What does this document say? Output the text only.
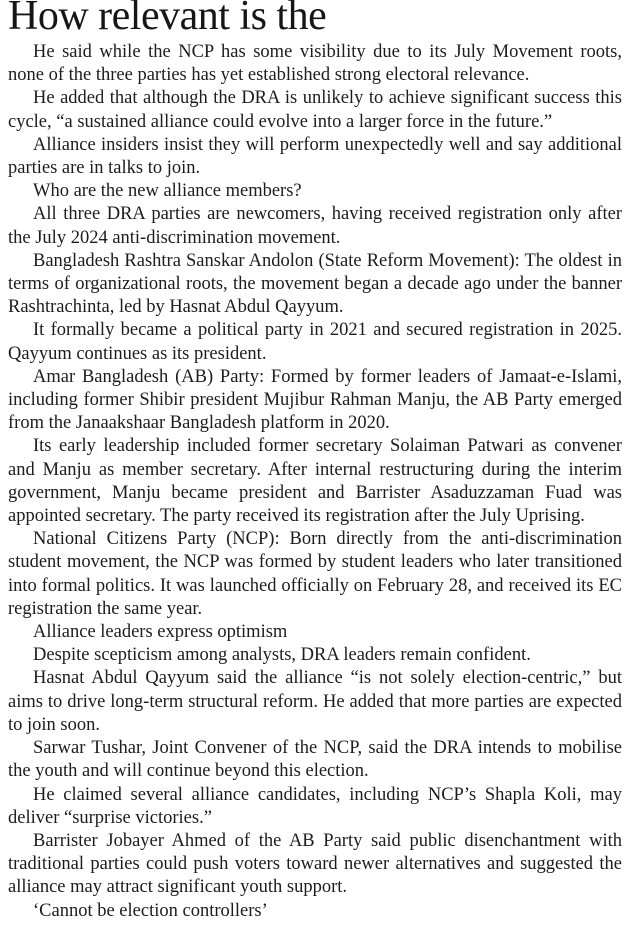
How relevant is the

He said while the NCP has some visibility due to its July Movement roots, none of the three parties has yet established strong electoral relevance.

He added that although the DRA is unlikely to achieve significant success this cycle, “a sustained alliance could evolve into a larger force in the future.”

Alliance insiders insist they will perform unexpectedly well and say additional parties are in talks to join.

Who are the new alliance members?

All three DRA parties are newcomers, having received registration only after the July 2024 anti-discrimination movement.

Bangladesh Rashtra Sanskar Andolon (State Reform Movement): The oldest in terms of organizational roots, the movement began a decade ago under the banner Rashtrachinta, led by Hasnat Abdul Qayyum.

It formally became a political party in 2021 and secured registration in 2025. Qayyum continues as its president.

Amar Bangladesh (AB) Party: Formed by former leaders of Jamaat-e-Islami, including former Shibir president Mujibur Rahman Manju, the AB Party emerged from the Janaakshaar Bangladesh platform in 2020.

Its early leadership included former secretary Solaiman Patwari as convener and Manju as member secretary. After internal restructuring during the interim government, Manju became president and Barrister Asaduzzaman Fuad was appointed secretary. The party received its registration after the July Uprising.

National Citizens Party (NCP): Born directly from the anti-discrimination student movement, the NCP was formed by student leaders who later transitioned into formal politics. It was launched officially on February 28, and received its EC registration the same year.

Alliance leaders express optimism

Despite scepticism among analysts, DRA leaders remain confident.

Hasnat Abdul Qayyum said the alliance “is not solely election-centric,” but aims to drive long-term structural reform. He added that more parties are expected to join soon.

Sarwar Tushar, Joint Convener of the NCP, said the DRA intends to mobilise the youth and will continue beyond this election.

He claimed several alliance candidates, including NCP’s Shapla Koli, may deliver “surprise victories.”

Barrister Jobayer Ahmed of the AB Party said public disenchantment with traditional parties could push voters toward newer alternatives and suggested the alliance may attract significant youth support.

‘Cannot be election controllers’
